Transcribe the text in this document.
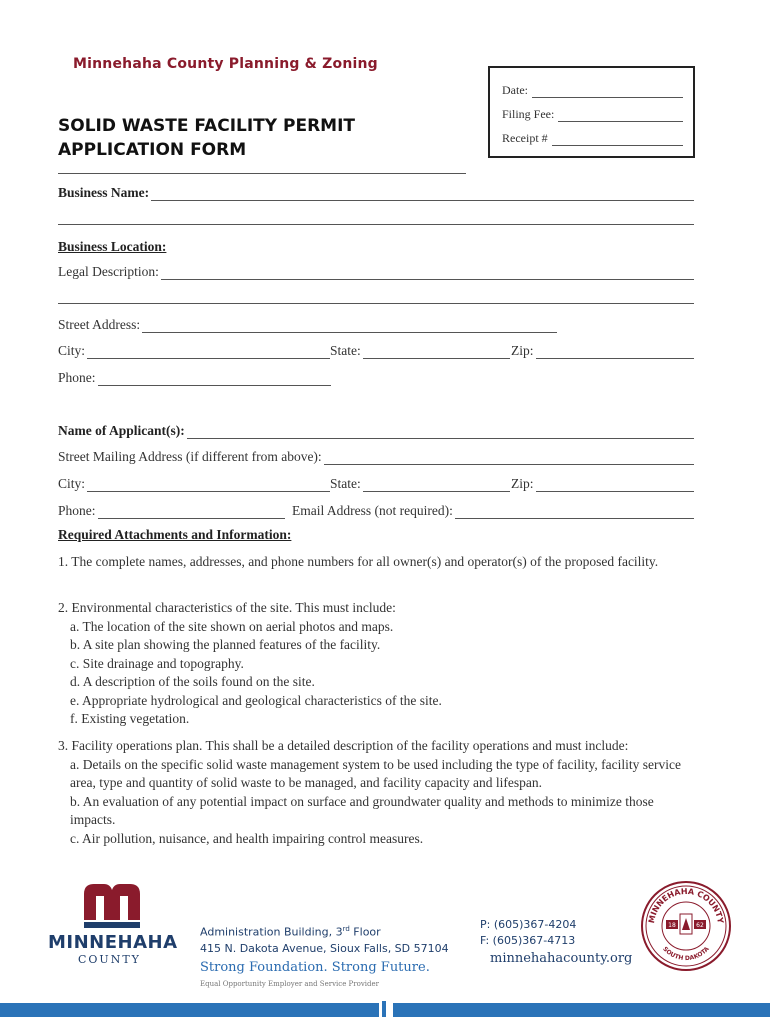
Minnehaha County Planning & Zoning
Date:
Filing Fee:
Receipt #
SOLID WASTE FACILITY PERMIT
APPLICATION FORM
Business Name:
Business Location:
Legal Description:
Street Address:
City:	State:	Zip:
Phone:
Name of Applicant(s):
Street Mailing Address (if different from above):
City:	State:	Zip:
Phone:	Email Address (not required):
Required Attachments and Information:
1. The complete names, addresses, and phone numbers for all owner(s) and operator(s) of the proposed facility.
2. Environmental characteristics of the site. This must include:
a. The location of the site shown on aerial photos and maps.
b. A site plan showing the planned features of the facility.
c. Site drainage and topography.
d. A description of the soils found on the site.
e. Appropriate hydrological and geological characteristics of the site.
f. Existing vegetation.
3. Facility operations plan. This shall be a detailed description of the facility operations and must include:
a. Details on the specific solid waste management system to be used including the type of facility, facility service area, type and quantity of solid waste to be managed, and facility capacity and lifespan.
b. An evaluation of any potential impact on surface and groundwater quality and methods to minimize those impacts.
c. Air pollution, nuisance, and health impairing control measures.
MINNEHAHA
COUNTY
Administration Building, 3rd Floor
415 N. Dakota Avenue, Sioux Falls, SD 57104
Strong Foundation. Strong Future.
Equal Opportunity Employer and Service Provider
P: (605)367-4204
F: (605)367-4713
minnehahacounty.org
MINNEHAHA COUNTY
SOUTH DAKOTA
18	62
